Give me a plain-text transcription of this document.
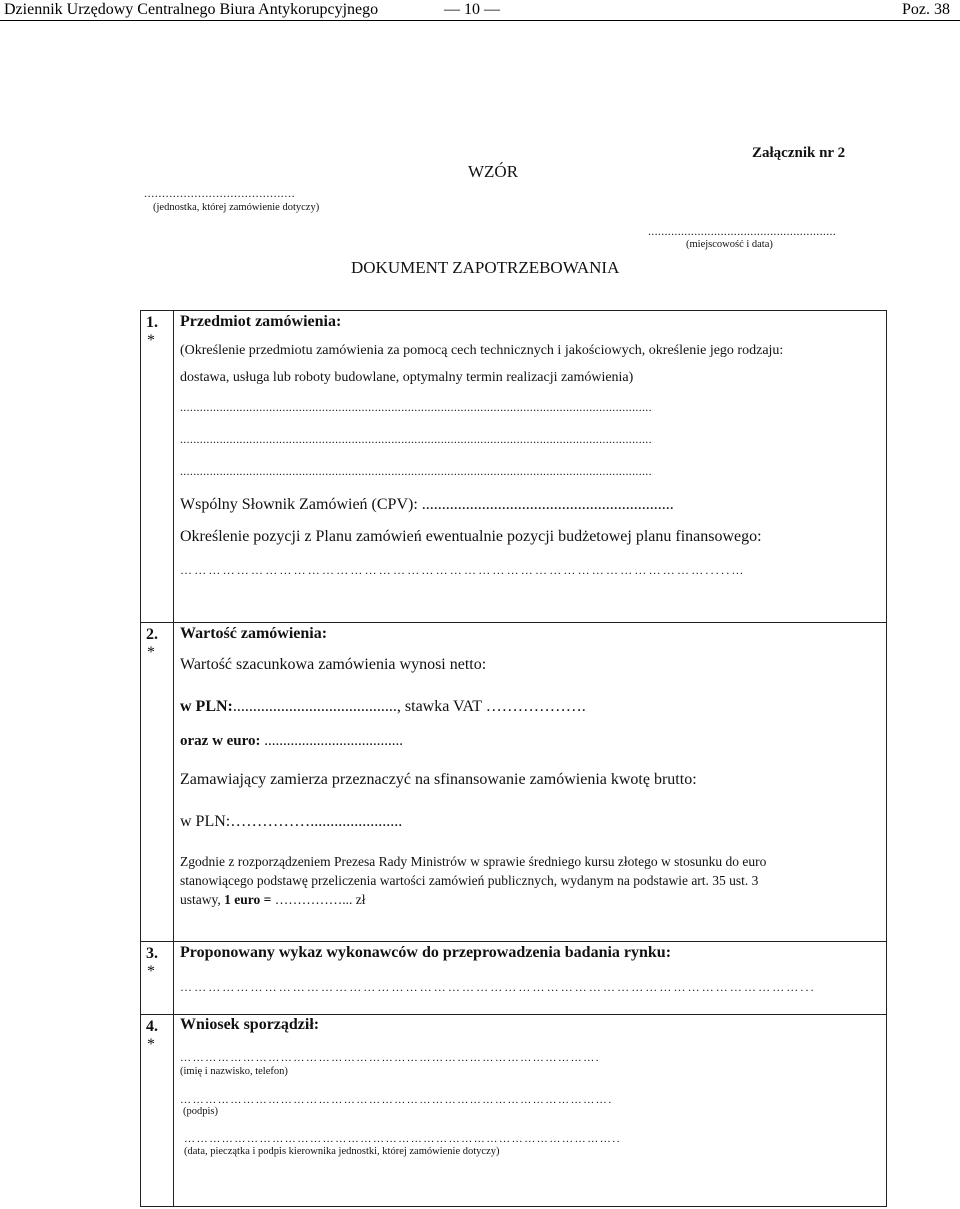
Dziennik Urzędowy Centralnego Biura Antykorupcyjnego	— 10 —	Poz. 38
Załącznik nr 2
WZÓR
..........................................
(jednostka, której zamówienie dotyczy)
.........................................................
(miejscowość i data)
DOKUMENT ZAPOTRZEBOWANIA
1.
*
Przedmiot zamówienia:
(Określenie przedmiotu zamówienia za pomocą cech technicznych i jakościowych, określenie jego rodzaju:
dostawa, usługa lub roboty budowlane, optymalny termin realizacji zamówienia)
...............................................................................................................................................
...............................................................................................................................................
...............................................................................................................................................
Wspólny Słownik Zamówień (CPV): ...............................................................
Określenie pozycji z Planu zamówień ewentualnie pozycji budżetowej planu finansowego:
………………………………………………………………………………………………….....…
2.
*
Wartość zamówienia:
Wartość szacunkowa zamówienia wynosi netto:
w PLN:........................................., stawka VAT ……………….
oraz w euro: .....................................
Zamawiający zamierza przeznaczyć na sfinansowanie zamówienia kwotę brutto:
w PLN:…………….......................
Zgodnie z rozporządzeniem Prezesa Rady Ministrów w sprawie średniego kursu złotego w stosunku do euro
stanowiącego podstawę przeliczenia wartości zamówień publicznych, wydanym na podstawie art. 35 ust. 3
ustawy, 1 euro = ……………... zł
3.
*
Proponowany wykaz wykonawców do przeprowadzenia badania rynku:
……………………………………………………………………………………………………………………...
4.
*
Wniosek sporządził:
……………………………………………………………………………………….
(imię i nazwisko, telefon)
………………………………………………………………………………………….
(podpis)
…………………………………………………………………………………………..
(data, pieczątka i podpis kierownika jednostki, której zamówienie dotyczy)
